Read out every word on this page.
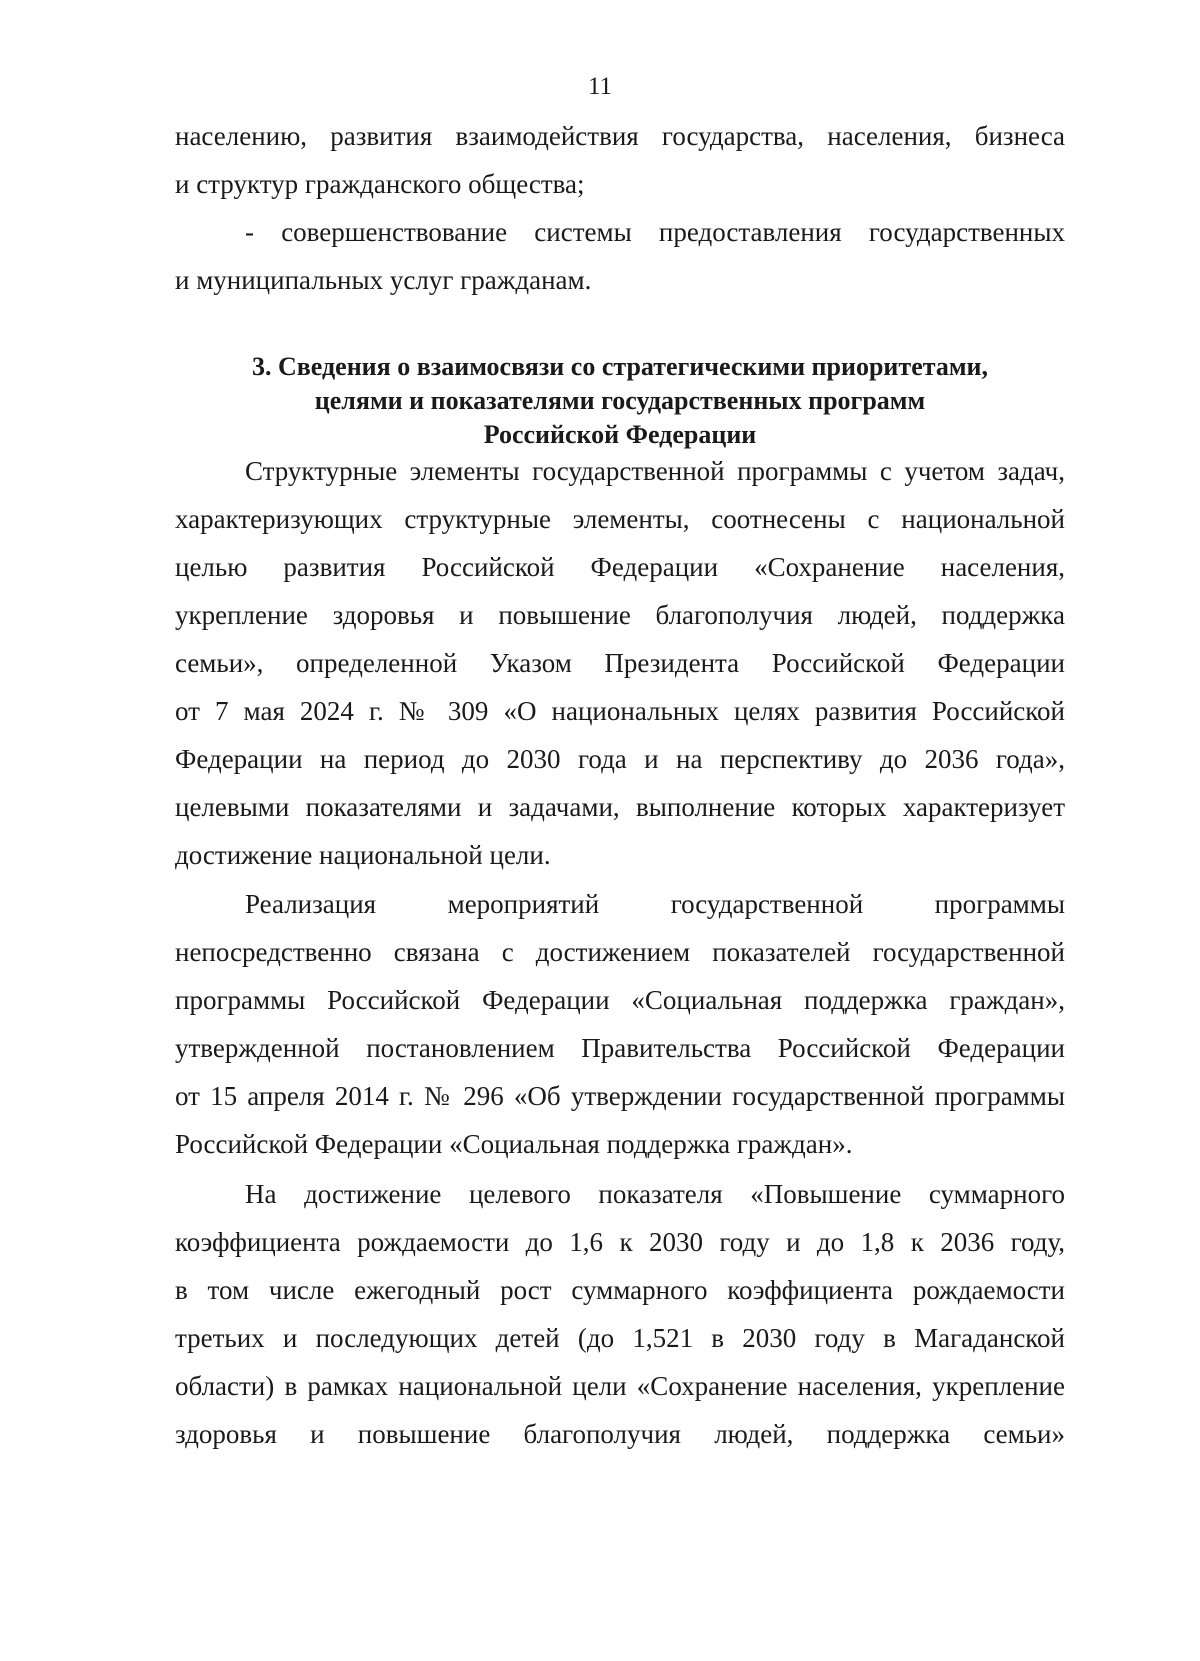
11
населению, развития взаимодействия государства, населения, бизнеса
и структур гражданского общества;
- совершенствование системы предоставления государственных
и муниципальных услуг гражданам.
3. Сведения о взаимосвязи со стратегическими приоритетами,
целями и показателями государственных программ
Российской Федерации
Структурные элементы государственной программы с учетом задач,
характеризующих структурные элементы, соотнесены с национальной
целью развития Российской Федерации «Сохранение населения,
укрепление здоровья и повышение благополучия людей, поддержка
семьи», определенной Указом Президента Российской Федерации
от 7 мая 2024 г. № 309 «О национальных целях развития Российской
Федерации на период до 2030 года и на перспективу до 2036 года»,
целевыми показателями и задачами, выполнение которых характеризует
достижение национальной цели.
Реализация мероприятий государственной программы
непосредственно связана с достижением показателей государственной
программы Российской Федерации «Социальная поддержка граждан»,
утвержденной постановлением Правительства Российской Федерации
от 15 апреля 2014 г. № 296 «Об утверждении государственной программы
Российской Федерации «Социальная поддержка граждан».
На достижение целевого показателя «Повышение суммарного
коэффициента рождаемости до 1,6 к 2030 году и до 1,8 к 2036 году,
в том числе ежегодный рост суммарного коэффициента рождаемости
третьих и последующих детей (до 1,521 в 2030 году в Магаданской
области) в рамках национальной цели «Сохранение населения, укрепление
здоровья и повышение благополучия людей, поддержка семьи»
